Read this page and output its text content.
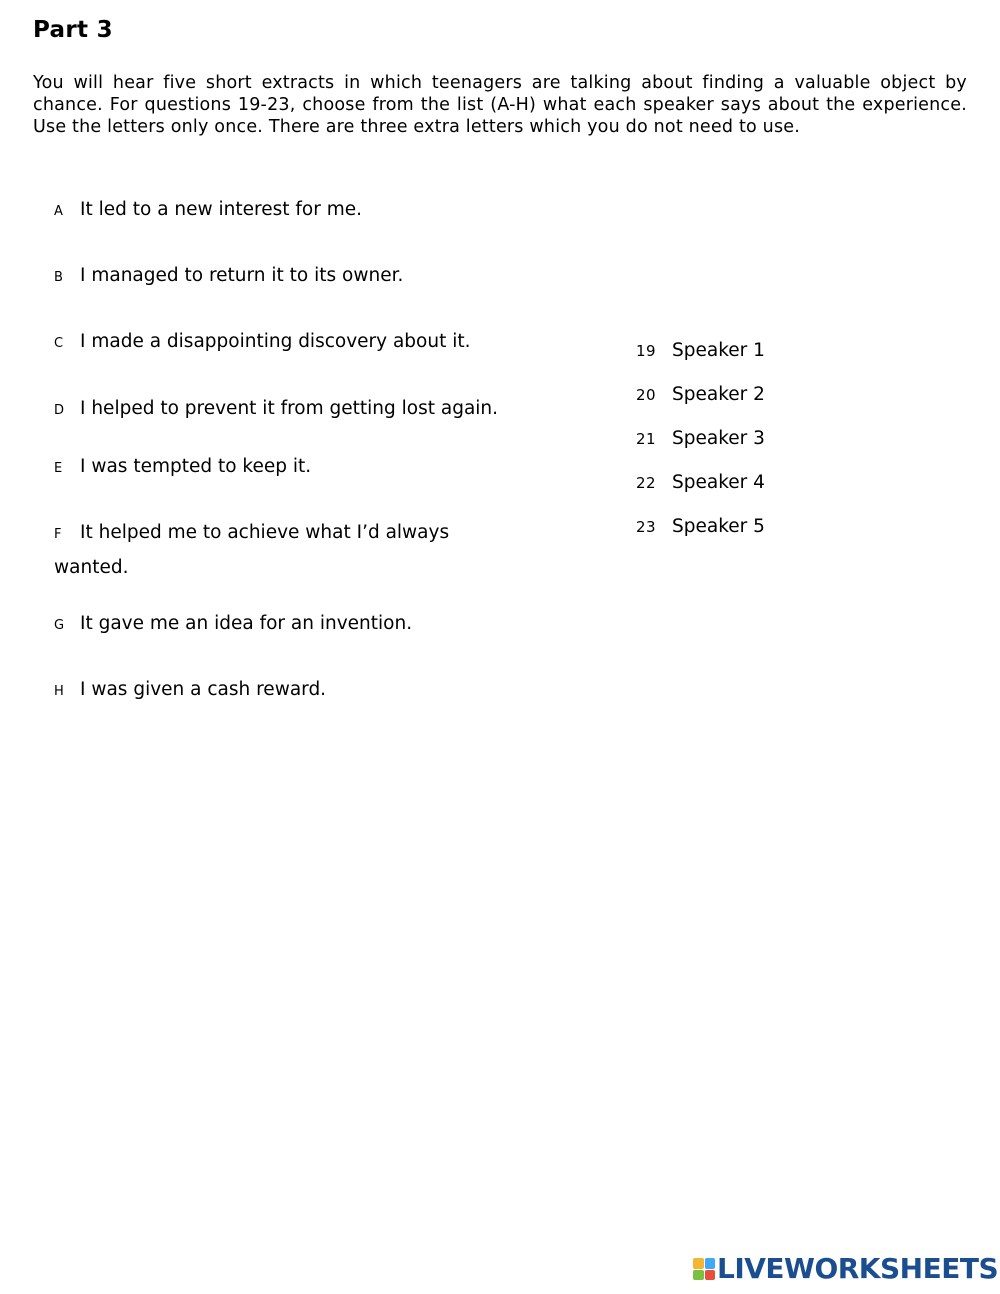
Part 3
You will hear five short extracts in which teenagers are talking about finding a valuable object by chance. For questions 19-23, choose from the list (A-H) what each speaker says about the experience. Use the letters only once. There are three extra letters which you do not need to use.
A It led to a new interest for me.
B I managed to return it to its owner.
C I made a disappointing discovery about it.
D I helped to prevent it from getting lost again.
E I was tempted to keep it.
F It helped me to achieve what I’d always wanted.
G It gave me an idea for an invention.
H I was given a cash reward.
19 Speaker 1
20 Speaker 2
21 Speaker 3
22 Speaker 4
23 Speaker 5
LIVEWORKSHEETS
